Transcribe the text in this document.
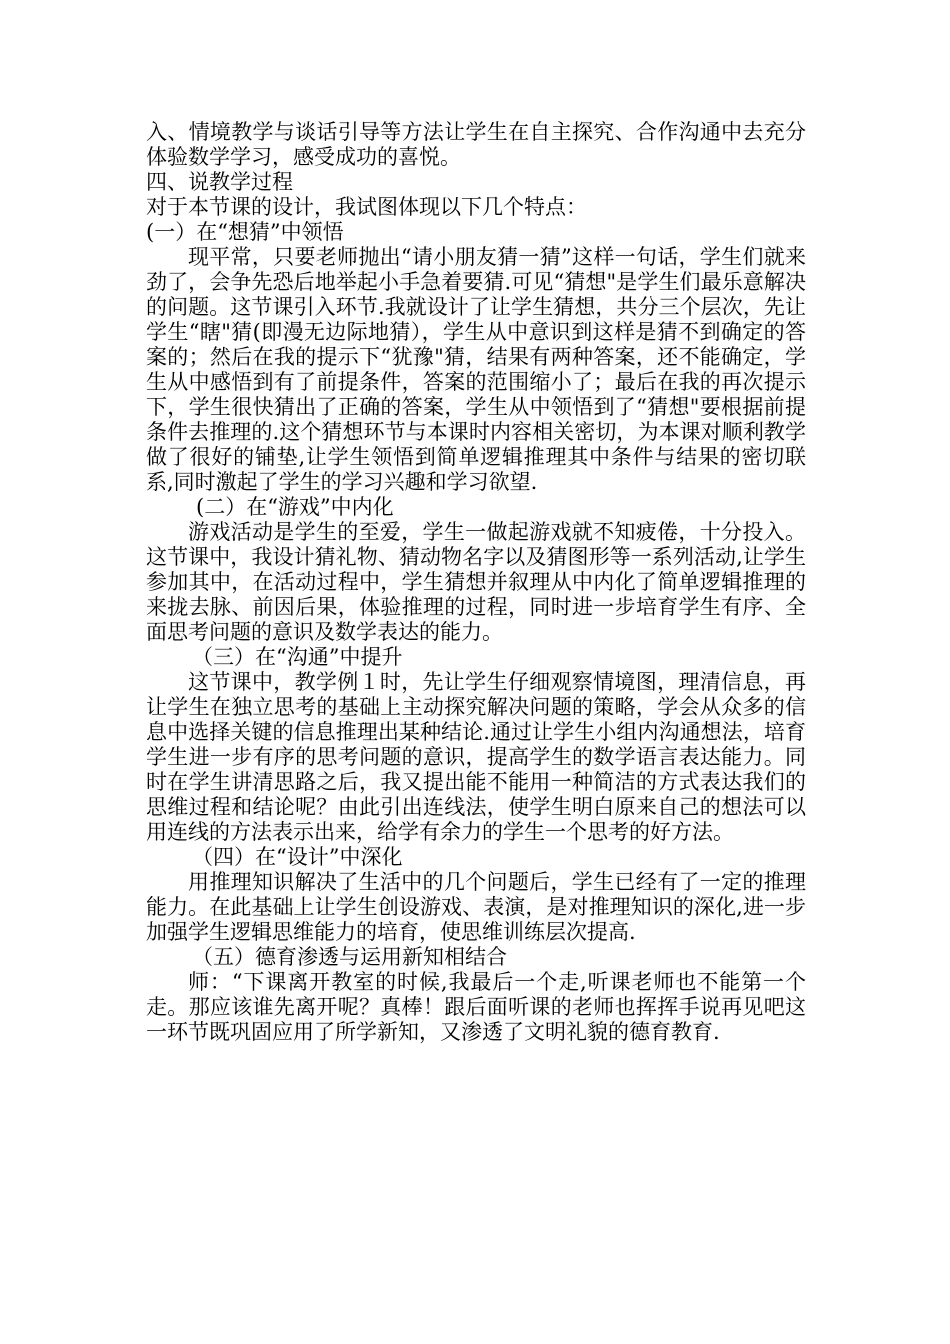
入、情境教学与谈话引导等方法让学生在自主探究、合作沟通中去充分体验数学学习，感受成功的喜悦。

四、说教学过程

对于本节课的设计，我试图体现以下几个特点：

(一）在“想猜”中领悟

现平常，只要老师抛出“请小朋友猜一猜”这样一句话，学生们就来劲了，会争先恐后地举起小手急着要猜.可见“猜想"是学生们最乐意解决的问题。这节课引入环节.我就设计了让学生猜想，共分三个层次，先让学生“瞎"猜(即漫无边际地猜），学生从中意识到这样是猜不到确定的答案的；然后在我的提示下“犹豫"猜，结果有两种答案，还不能确定，学生从中感悟到有了前提条件，答案的范围缩小了；最后在我的再次提示下，学生很快猜出了正确的答案，学生从中领悟到了“猜想"要根据前提条件去推理的.这个猜想环节与本课时内容相关密切，为本课对顺利教学做了很好的铺垫,让学生领悟到简单逻辑推理其中条件与结果的密切联系,同时激起了学生的学习兴趣和学习欲望.

(二）在“游戏”中内化

游戏活动是学生的至爱，学生一做起游戏就不知疲倦，十分投入。这节课中，我设计猜礼物、猜动物名字以及猜图形等一系列活动,让学生参加其中，在活动过程中，学生猜想并叙理从中内化了简单逻辑推理的来拢去脉、前因后果，体验推理的过程，同时进一步培育学生有序、全面思考问题的意识及数学表达的能力。

（三）在“沟通”中提升

这节课中，教学例１时，先让学生仔细观察情境图，理清信息，再让学生在独立思考的基础上主动探究解决问题的策略，学会从众多的信息中选择关键的信息推理出某种结论.通过让学生小组内沟通想法，培育学生进一步有序的思考问题的意识，提高学生的数学语言表达能力。同时在学生讲清思路之后，我又提出能不能用一种简洁的方式表达我们的思维过程和结论呢？由此引出连线法，使学生明白原来自己的想法可以用连线的方法表示出来，给学有余力的学生一个思考的好方法。

（四）在“设计”中深化

用推理知识解决了生活中的几个问题后，学生已经有了一定的推理能力。在此基础上让学生创设游戏、表演，是对推理知识的深化,进一步加强学生逻辑思维能力的培育，使思维训练层次提高.

（五）德育渗透与运用新知相结合

师：“下课离开教室的时候,我最后一个走,听课老师也不能第一个走。那应该谁先离开呢？真棒！跟后面听课的老师也挥挥手说再见吧这一环节既巩固应用了所学新知，又渗透了文明礼貌的德育教育.
